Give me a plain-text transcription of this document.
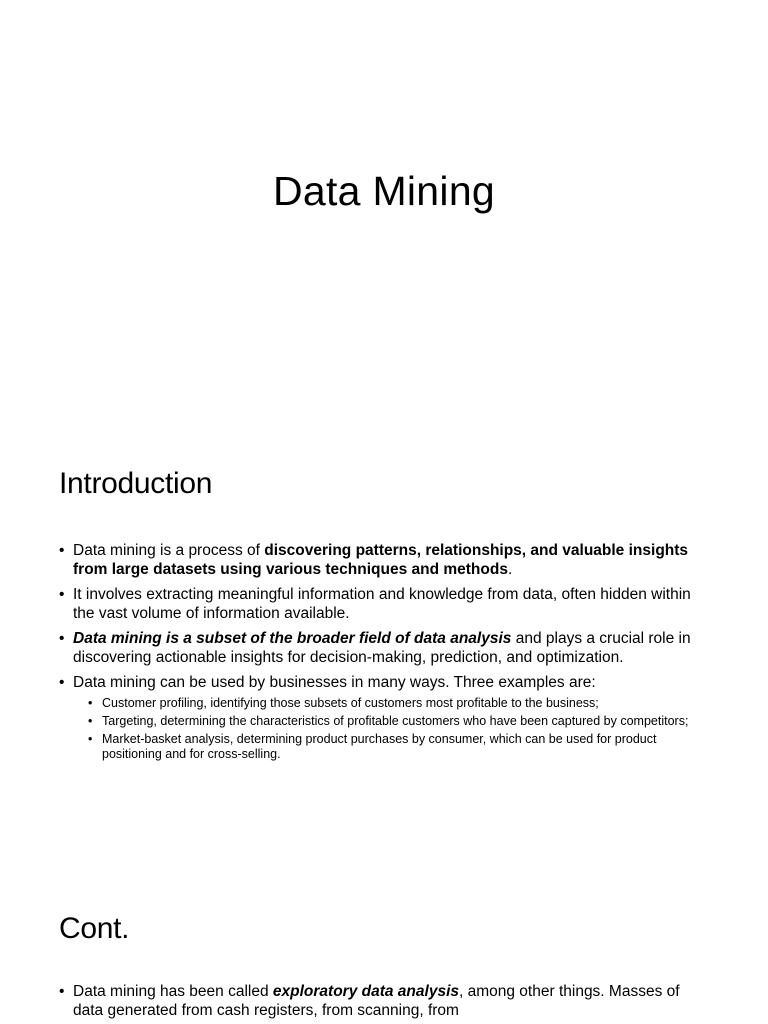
Data Mining
Introduction
• Data mining is a process of discovering patterns, relationships, and valuable insights from large datasets using various techniques and methods.
• It involves extracting meaningful information and knowledge from data, often hidden within the vast volume of information available.
• Data mining is a subset of the broader field of data analysis and plays a crucial role in discovering actionable insights for decision-making, prediction, and optimization.
• Data mining can be used by businesses in many ways. Three examples are:
• Customer profiling, identifying those subsets of customers most profitable to the business;
• Targeting, determining the characteristics of profitable customers who have been captured by competitors;
• Market-basket analysis, determining product purchases by consumer, which can be used for product positioning and for cross-selling.
Cont.
• Data mining has been called exploratory data analysis, among other things. Masses of data generated from cash registers, from scanning, from
